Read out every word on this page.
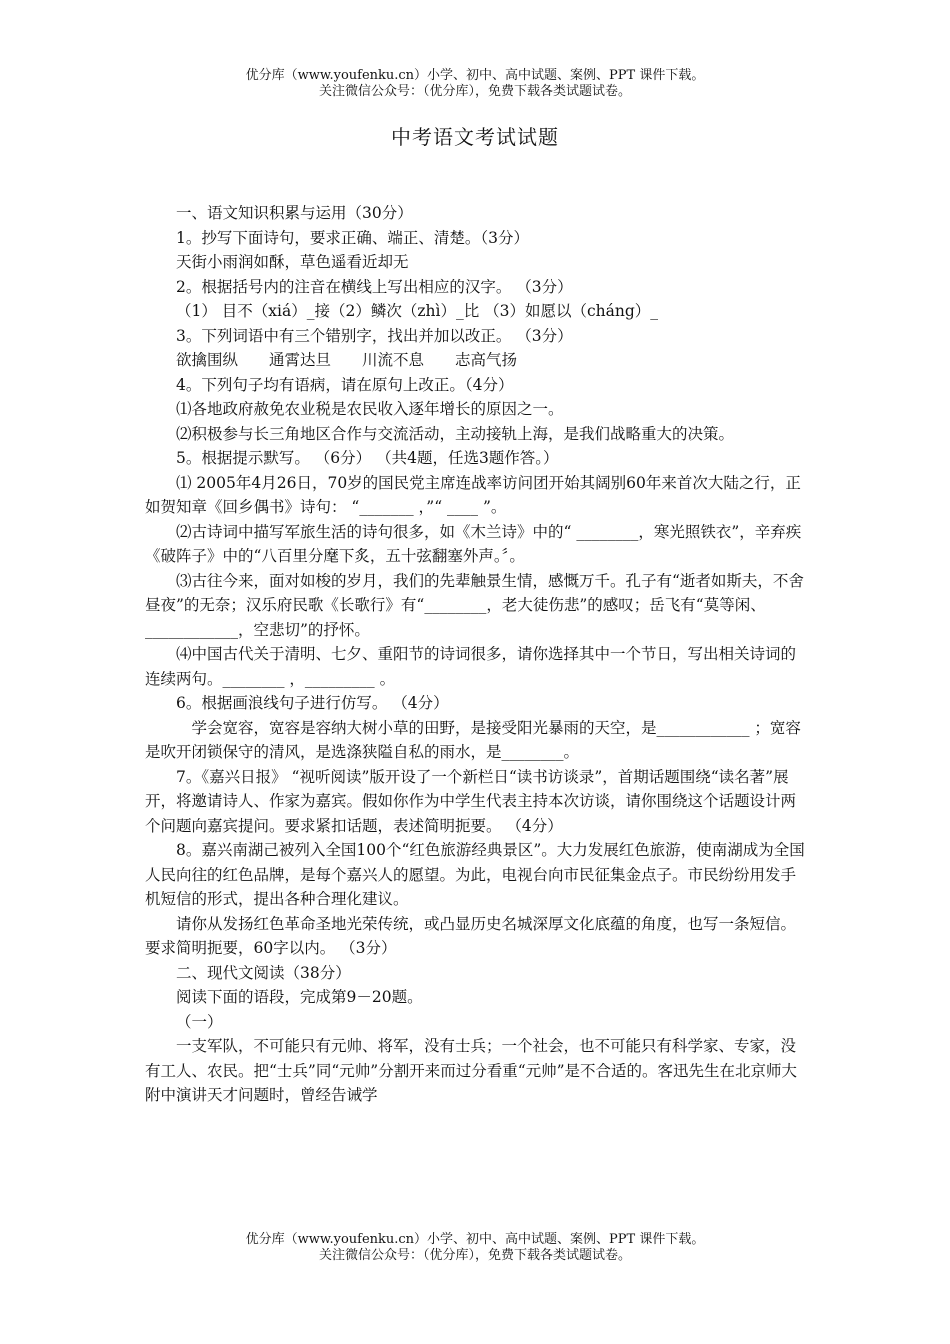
优分库（www.youfenku.cn）小学、初中、高中试题、案例、PPT 课件下载。
关注微信公众号：（优分库），免费下载各类试题试卷。
中考语文考试试题

一、语文知识积累与运用（30分）

1。抄写下面诗句，要求正确、端正、清楚。（3分）

天街小雨润如酥，草色遥看近却无

2。根据括号内的注音在横线上写出相应的汉字。 （3分）

（1） 目不（xiá）_接（2）鳞次（zhì）_比 （3）如愿以（cháng）_

3。下列词语中有三个错别字，找出并加以改正。 （3分）

欲擒围纵　　通霄达旦　　川流不息　　志高气扬

4。下列句子均有语病，请在原句上改正。（4分）

⑴各地政府赦免农业税是农民收入逐年增长的原因之一。

⑵积极参与长三角地区合作与交流活动，主动接轨上海，是我们战略重大的决策。

5。根据提示默写。 （6分） （共4题，任选3题作答。）

⑴ 2005年4月26日，70岁的国民党主席连战率访问团开始其阔别60年来首次大陆之行，正如贺知章《回乡偶书》诗句： “_______ ，”“ ____ ”。

⑵古诗词中描写军旅生活的诗句很多，如《木兰诗》中的“ ________，寒光照铁衣”，辛弃疾《破阵子》中的“八百里分麾下炙，五十弦翻塞外声。〞。

⑶古往今来，面对如梭的岁月，我们的先辈触景生情，感慨万千。孔子有“逝者如斯夫，不舍昼夜”的无奈；汉乐府民歌《长歌行》有“________，老大徒伤悲”的感叹；岳飞有“莫等闲、____________，空悲切”的抒怀。

⑷中国古代关于清明、七夕、重阳节的诗词很多，请你选择其中一个节日，写出相关诗词的连续两句。________ ，_________ 。

6。根据画浪线句子进行仿写。 （4分）

学会宽容，宽容是容纳大树小草的田野，是接受阳光暴雨的天空，是____________ ；宽容是吹开闭锁保守的清风，是选涤狭隘自私的雨水，是________。

7。《嘉兴日报》 “视听阅读”版开设了一个新栏日“读书访谈录”，首期话题围绕“读名著”展开，将邀请诗人、作家为嘉宾。假如你作为中学生代表主持本次访谈，请你围绕这个话题设计两个问题向嘉宾提问。要求紧扣话题，表述简明扼要。 （4分）

8。嘉兴南湖己被列入全国100个“红色旅游经典景区”。大力发展红色旅游，使南湖成为全国人民向往的红色品牌，是每个嘉兴人的愿望。为此，电视台向市民征集金点子。市民纷纷用发手机短信的形式，提出各种合理化建议。

请你从发扬红色革命圣地光荣传统，或凸显历史名城深厚文化底蕴的角度，也写一条短信。要求简明扼要，60字以内。 （3分）

二、现代文阅读（38分）

阅读下面的语段，完成第9－20题。

（一）

一支军队，不可能只有元帅、将军，没有士兵；一个社会，也不可能只有科学家、专家，没有工人、农民。把“士兵”同“元帅”分割开来而过分看重“元帅”是不合适的。客迅先生在北京师大附中演讲天才问题时，曾经告诫学

优分库（www.youfenku.cn）小学、初中、高中试题、案例、PPT 课件下载。
关注微信公众号：（优分库），免费下载各类试题试卷。
